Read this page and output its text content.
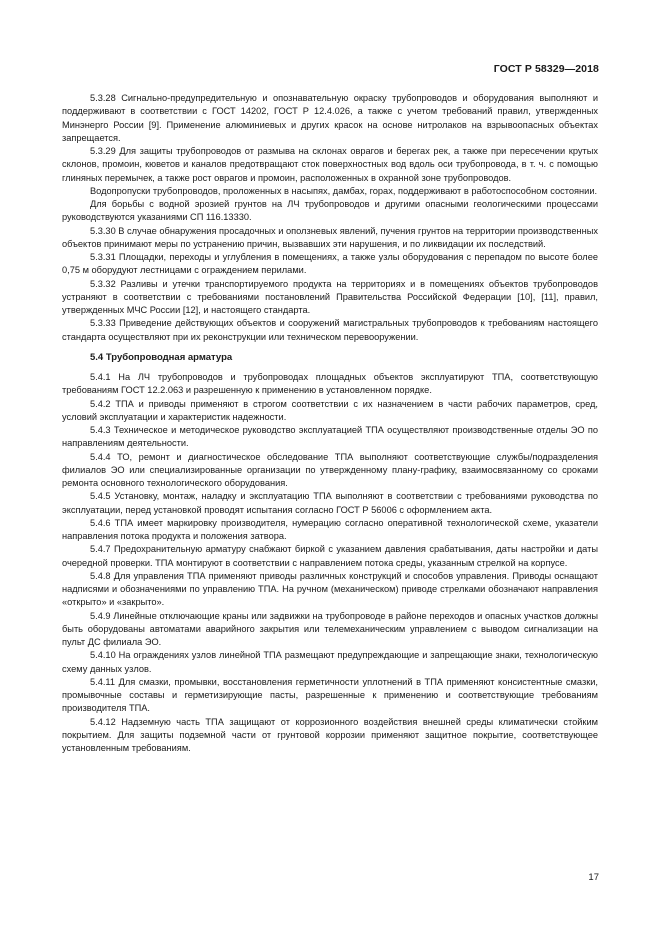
ГОСТ Р 58329—2018

5.3.28 Сигнально-предупредительную и опознавательную окраску трубопроводов и оборудования выполняют и поддерживают в соответствии с ГОСТ 14202, ГОСТ Р 12.4.026, а также с учетом требований правил, утвержденных Минэнерго России [9]. Применение алюминиевых и других красок на основе нитролаков на взрывоопасных объектах запрещается.

5.3.29 Для защиты трубопроводов от размыва на склонах оврагов и берегах рек, а также при пересечении крутых склонов, промоин, кюветов и каналов предотвращают сток поверхностных вод вдоль оси трубопровода, в т. ч. с помощью глиняных перемычек, а также рост оврагов и промоин, расположенных в охранной зоне трубопроводов.

Водопропуски трубопроводов, проложенных в насыпях, дамбах, горах, поддерживают в работоспособном состоянии.

Для борьбы с водной эрозией грунтов на ЛЧ трубопроводов и другими опасными геологическими процессами руководствуются указаниями СП 116.13330.

5.3.30 В случае обнаружения просадочных и оползневых явлений, пучения грунтов на территории производственных объектов принимают меры по устранению причин, вызвавших эти нарушения, и по ликвидации их последствий.

5.3.31 Площадки, переходы и углубления в помещениях, а также узлы оборудования с перепадом по высоте более 0,75 м оборудуют лестницами с ограждением перилами.

5.3.32 Разливы и утечки транспортируемого продукта на территориях и в помещениях объектов трубопроводов устраняют в соответствии с требованиями постановлений Правительства Российской Федерации [10], [11], правил, утвержденных МЧС России [12], и настоящего стандарта.

5.3.33 Приведение действующих объектов и сооружений магистральных трубопроводов к требованиям настоящего стандарта осуществляют при их реконструкции или техническом перевооружении.

5.4 Трубопроводная арматура

5.4.1 На ЛЧ трубопроводов и трубопроводах площадных объектов эксплуатируют ТПА, соответствующую требованиям ГОСТ 12.2.063 и разрешенную к применению в установленном порядке.

5.4.2 ТПА и приводы применяют в строгом соответствии с их назначением в части рабочих параметров, сред, условий эксплуатации и характеристик надежности.

5.4.3 Техническое и методическое руководство эксплуатацией ТПА осуществляют производственные отделы ЭО по направлениям деятельности.

5.4.4 ТО, ремонт и диагностическое обследование ТПА выполняют соответствующие службы/подразделения филиалов ЭО или специализированные организации по утвержденному плану-графику, взаимосвязанному со сроками ремонта основного технологического оборудования.

5.4.5 Установку, монтаж, наладку и эксплуатацию ТПА выполняют в соответствии с требованиями руководства по эксплуатации, перед установкой проводят испытания согласно ГОСТ Р 56006 с оформлением акта.

5.4.6 ТПА имеет маркировку производителя, нумерацию согласно оперативной технологической схеме, указатели направления потока продукта и положения затвора.

5.4.7 Предохранительную арматуру снабжают биркой с указанием давления срабатывания, даты настройки и даты очередной проверки. ТПА монтируют в соответствии с направлением потока среды, указанным стрелкой на корпусе.

5.4.8 Для управления ТПА применяют приводы различных конструкций и способов управления. Приводы оснащают надписями и обозначениями по управлению ТПА. На ручном (механическом) приводе стрелками обозначают направления «открыто» и «закрыто».

5.4.9 Линейные отключающие краны или задвижки на трубопроводе в районе переходов и опасных участков должны быть оборудованы автоматами аварийного закрытия или телемеханическим управлением с выводом сигнализации на пульт ДС филиала ЭО.

5.4.10 На ограждениях узлов линейной ТПА размещают предупреждающие и запрещающие знаки, технологическую схему данных узлов.

5.4.11 Для смазки, промывки, восстановления герметичности уплотнений в ТПА применяют консистентные смазки, промывочные составы и герметизирующие пасты, разрешенные к применению и соответствующие требованиям производителя ТПА.

5.4.12 Надземную часть ТПА защищают от коррозионного воздействия внешней среды климатически стойким покрытием. Для защиты подземной части от грунтовой коррозии применяют защитное покрытие, соответствующее установленным требованиям.

17
